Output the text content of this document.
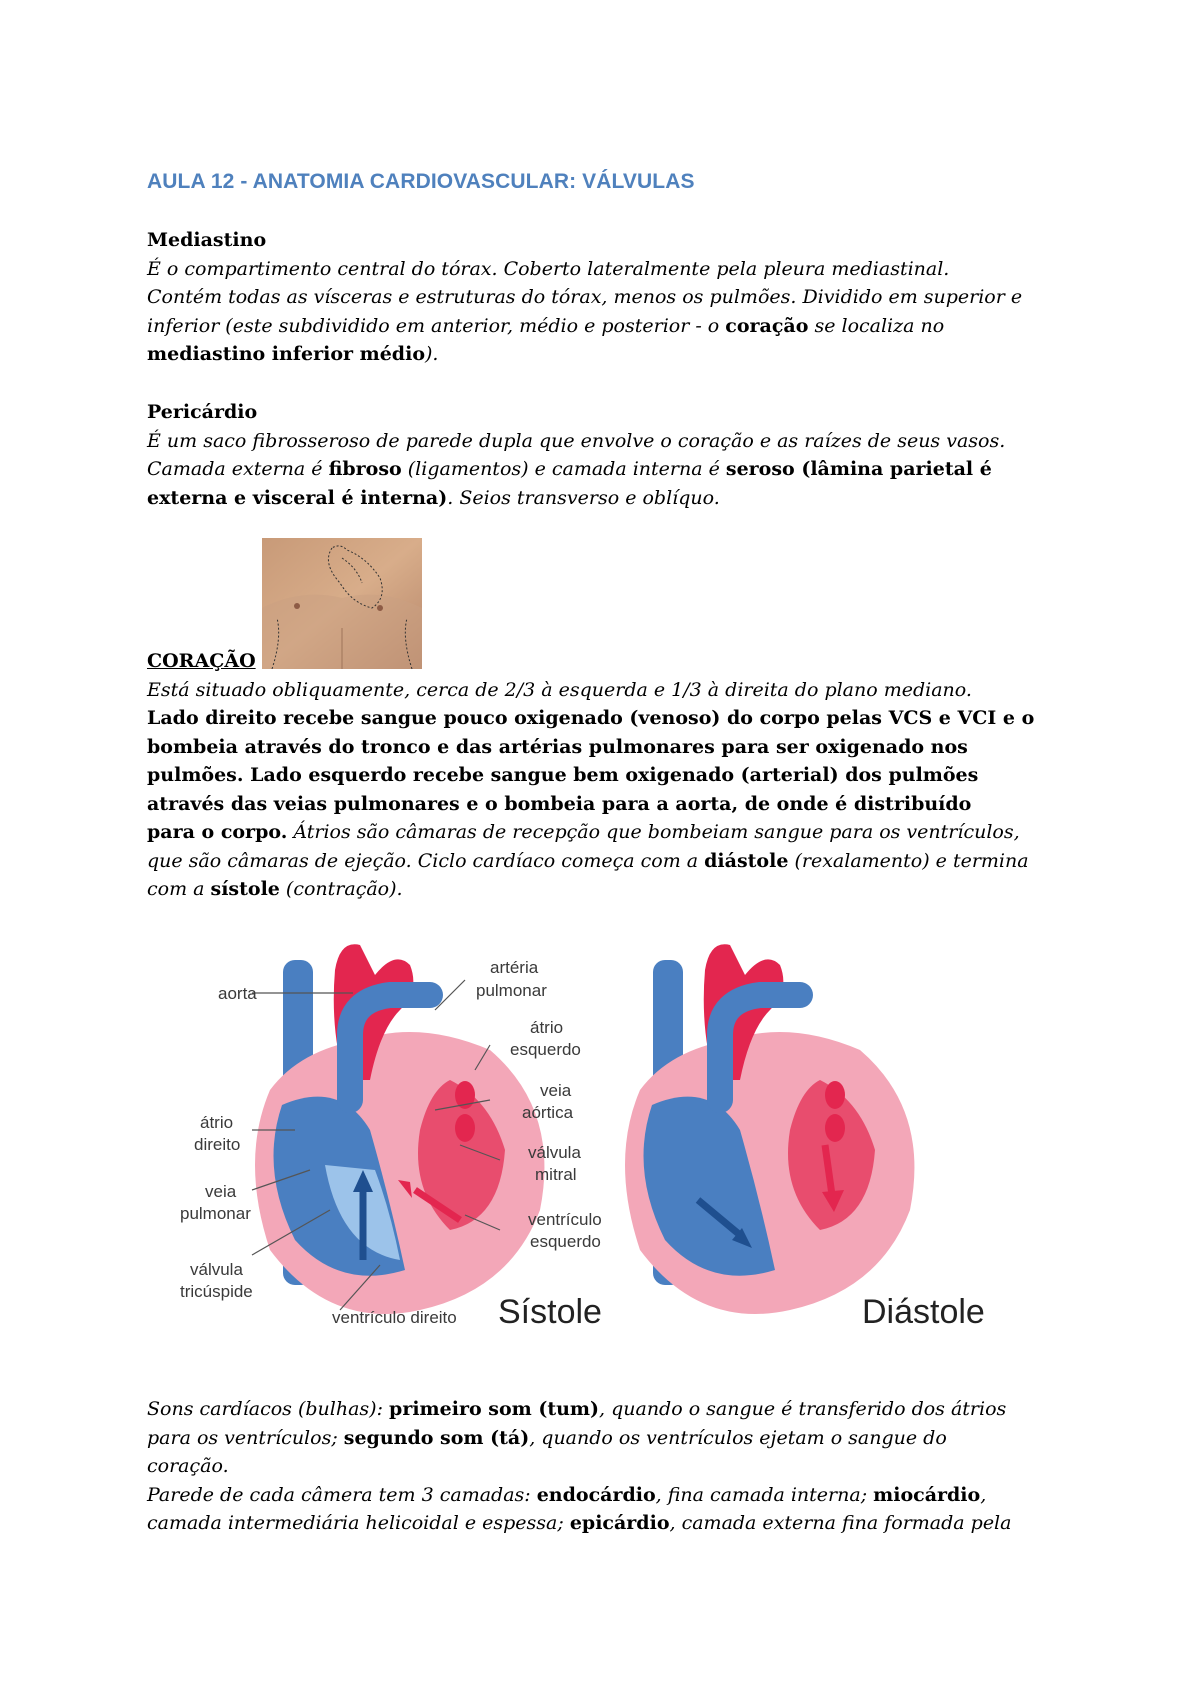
AULA 12 - ANATOMIA CARDIOVASCULAR: VÁLVULAS
Mediastino
É o compartimento central do tórax. Coberto lateralmente pela pleura mediastinal.
Contém todas as vísceras e estruturas do tórax, menos os pulmões. Dividido em superior e
inferior (este subdividido em anterior, médio e posterior - o coração se localiza no
mediastino inferior médio).
Pericárdio
É um saco fibrosseroso de parede dupla que envolve o coração e as raízes de seus vasos.
Camada externa é fibroso (ligamentos) e camada interna é seroso (lâmina parietal é
externa e visceral é interna). Seios transverso e oblíquo.
CORAÇÃO
Está situado obliquamente, cerca de 2/3 à esquerda e 1/3 à direita do plano mediano.
Lado direito recebe sangue pouco oxigenado (venoso) do corpo pelas VCS e VCI e o
bombeia através do tronco e das artérias pulmonares para ser oxigenado nos
pulmões. Lado esquerdo recebe sangue bem oxigenado (arterial) dos pulmões
através das veias pulmonares e o bombeia para a aorta, de onde é distribuído
para o corpo. Átrios são câmaras de recepção que bombeiam sangue para os ventrículos,
que são câmaras de ejeção. Ciclo cardíaco começa com a diástole (rexalamento) e termina
com a sístole (contração).
aorta
artéria
pulmonar
átrio
esquerdo
veia
aórtica
átrio
direito	válvula
mitral
veia
pulmonar	ventrículo
esquerdo
válvula
tricúspide
ventrículo direito Sístole	Diástole
Sons cardíacos (bulhas): primeiro som (tum), quando o sangue é transferido dos átrios
para os ventrículos; segundo som (tá), quando os ventrículos ejetam o sangue do
coração.
Parede de cada câmera tem 3 camadas: endocárdio, fina camada interna; miocárdio,
camada intermediária helicoidal e espessa; epicárdio, camada externa fina formada pela
